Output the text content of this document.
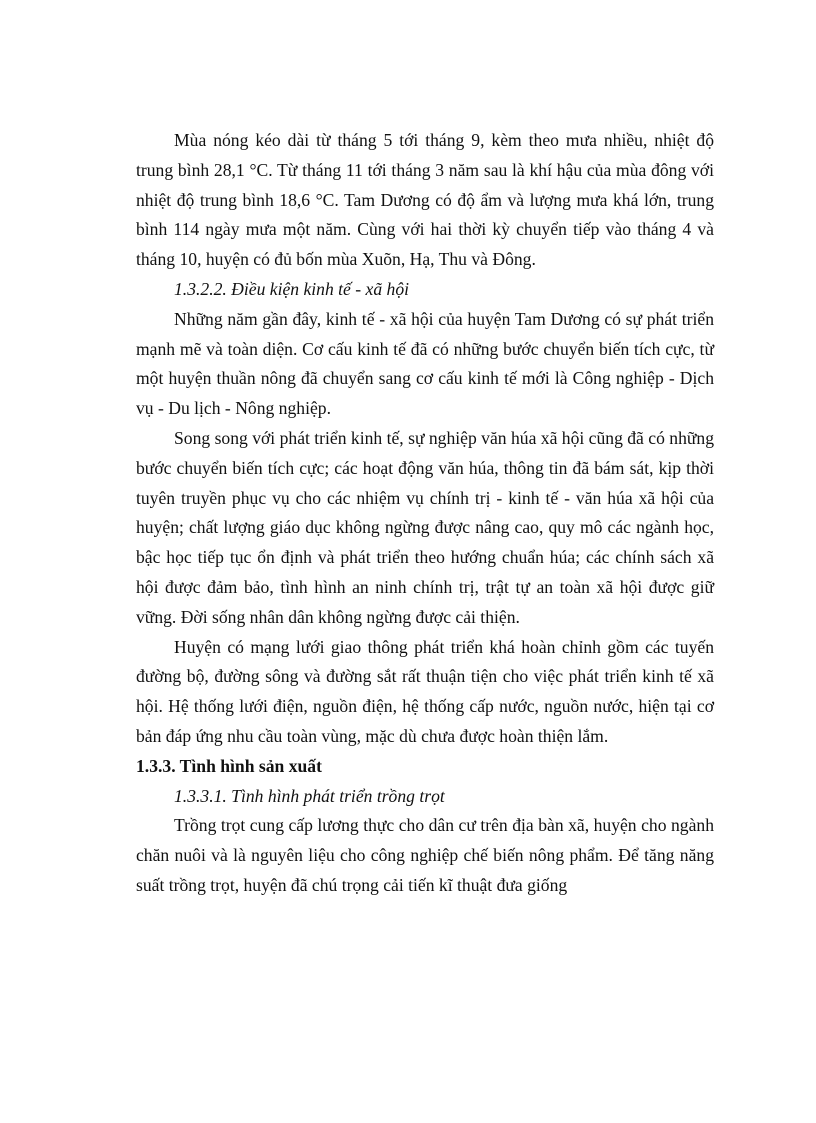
Mùa nóng kéo dài từ tháng 5 tới tháng 9, kèm theo mưa nhiều, nhiệt độ trung bình 28,1 °C. Từ tháng 11 tới tháng 3 năm sau là khí hậu của mùa đông với nhiệt độ trung bình 18,6 °C. Tam Dương có độ ẩm và lượng mưa khá lớn, trung bình 114 ngày mưa một năm. Cùng với hai thời kỳ chuyển tiếp vào tháng 4 và tháng 10, huyện có đủ bốn mùa Xuõn, Hạ, Thu và Đông.

1.3.2.2. Điều kiện kinh tế - xã hội

Những năm gần đây, kinh tế - xã hội của huyện Tam Dương có sự phát triển mạnh mẽ và toàn diện. Cơ cấu kinh tế đã có những bước chuyển biến tích cực, từ một huyện thuần nông đã chuyển sang cơ cấu kinh tế mới là Công nghiệp - Dịch vụ - Du lịch - Nông nghiệp.

Song song với phát triển kinh tế, sự nghiệp văn húa xã hội cũng đã có những bước chuyển biến tích cực; các hoạt động văn húa, thông tin đã bám sát, kịp thời tuyên truyền phục vụ cho các nhiệm vụ chính trị - kinh tế - văn húa xã hội của huyện; chất lượng giáo dục không ngừng được nâng cao, quy mô các ngành học, bậc học tiếp tục ổn định và phát triển theo hướng chuẩn húa; các chính sách xã hội được đảm bảo, tình hình an ninh chính trị, trật tự an toàn xã hội được giữ vững. Đời sống nhân dân không ngừng được cải thiện.

Huyện có mạng lưới giao thông phát triển khá hoàn chỉnh gồm các tuyến đường bộ, đường sông và đường sắt rất thuận tiện cho việc phát triển kinh tế xã hội. Hệ thống lưới điện, nguồn điện, hệ thống cấp nước, nguồn nước, hiện tại cơ bản đáp ứng nhu cầu toàn vùng, mặc dù chưa được hoàn thiện lắm.

1.3.3. Tình hình sản xuất

1.3.3.1. Tình hình phát triển trồng trọt

Trồng trọt cung cấp lương thực cho dân cư trên địa bàn xã, huyện cho ngành chăn nuôi và là nguyên liệu cho công nghiệp chế biến nông phẩm. Để tăng năng suất trồng trọt, huyện đã chú trọng cải tiến kĩ thuật đưa giống
